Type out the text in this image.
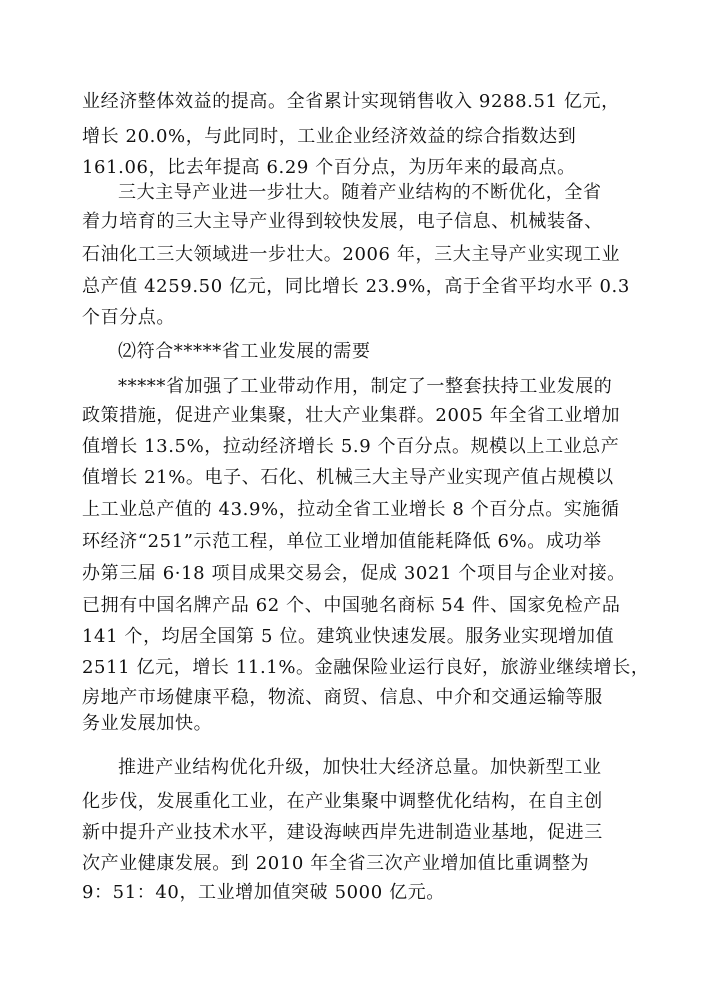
业经济整体效益的提高。全省累计实现销售收入 9288.51 亿元，
增长 20.0%，与此同时，工业企业经济效益的综合指数达到
161.06，比去年提高 6.29 个百分点，为历年来的最高点。
三大主导产业进一步壮大。随着产业结构的不断优化，全省
着力培育的三大主导产业得到较快发展，电子信息、机械装备、
石油化工三大领域进一步壮大。2006 年，三大主导产业实现工业
总产值 4259.50 亿元，同比增长 23.9%，高于全省平均水平 0.3
个百分点。
⑵符合*****省工业发展的需要
*****省加强了工业带动作用，制定了一整套扶持工业发展的
政策措施，促进产业集聚，壮大产业集群。2005 年全省工业增加
值增长 13.5%，拉动经济增长 5.9 个百分点。规模以上工业总产
值增长 21%。电子、石化、机械三大主导产业实现产值占规模以
上工业总产值的 43.9%，拉动全省工业增长 8 个百分点。实施循
环经济“251”示范工程，单位工业增加值能耗降低 6%。成功举
办第三届 6·18 项目成果交易会，促成 3021 个项目与企业对接。
已拥有中国名牌产品 62 个、中国驰名商标 54 件、国家免检产品
141 个，均居全国第 5 位。建筑业快速发展。服务业实现增加值
2511 亿元，增长 11.1%。金融保险业运行良好，旅游业继续增长，
房地产市场健康平稳，物流、商贸、信息、中介和交通运输等服
务业发展加快。
推进产业结构优化升级，加快壮大经济总量。加快新型工业
化步伐，发展重化工业，在产业集聚中调整优化结构，在自主创
新中提升产业技术水平，建设海峡西岸先进制造业基地，促进三
次产业健康发展。到 2010 年全省三次产业增加值比重调整为
9：51：40，工业增加值突破 5000 亿元。
